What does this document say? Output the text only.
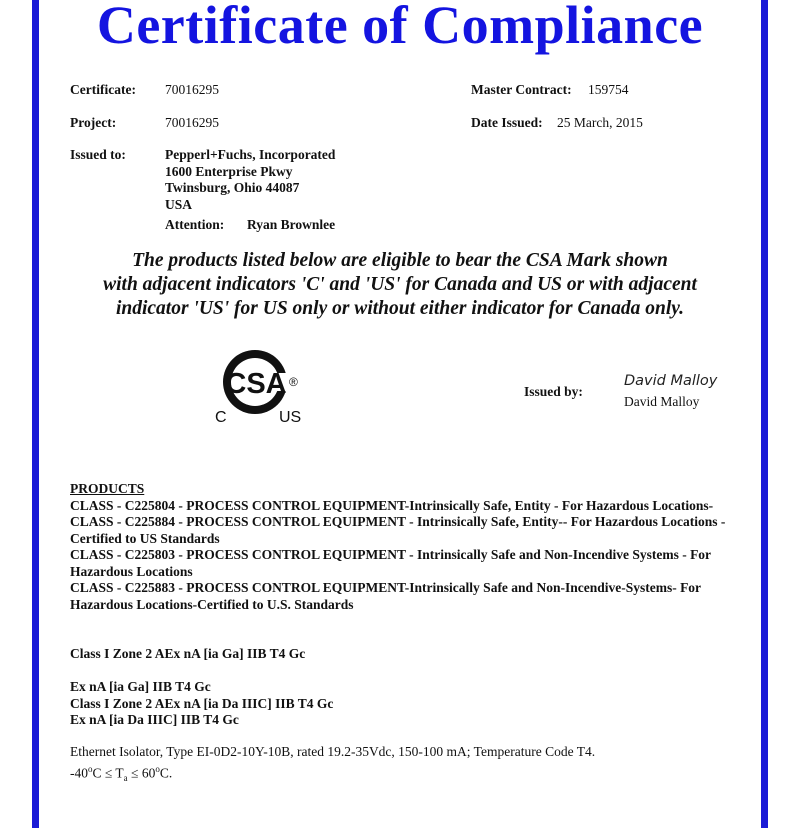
Certificate of Compliance
Certificate: 70016295	Master Contract: 159754
Project:	70016295	Date Issued: 25 March, 2015
Issued to:	Pepperl+Fuchs, Incorporated
1600 Enterprise Pkwy
Twinsburg, Ohio 44087
USA
Attention: Ryan Brownlee
The products listed below are eligible to bear the CSA Mark shown
with adjacent indicators 'C' and 'US' for Canada and US or with adjacent
indicator 'US' for US only or without either indicator for Canada only.
CSA ®
C	US
Issued by:
David Malloy
David Malloy
PRODUCTS
CLASS - C225804 - PROCESS CONTROL EQUIPMENT-Intrinsically Safe, Entity - For Hazardous Locations-
CLASS - C225884 - PROCESS CONTROL EQUIPMENT - Intrinsically Safe, Entity-- For Hazardous Locations - Certified to US Standards
CLASS - C225803 - PROCESS CONTROL EQUIPMENT - Intrinsically Safe and Non-Incendive Systems - For Hazardous Locations
CLASS - C225883 - PROCESS CONTROL EQUIPMENT-Intrinsically Safe and Non-Incendive-Systems- For Hazardous Locations-Certified to U.S. Standards
Class I Zone 2 AEx nA [ia Ga] IIB T4 Gc
Ex nA [ia Ga] IIB T4 Gc
Class I Zone 2 AEx nA [ia Da IIIC] IIB T4 Gc
Ex nA [ia Da IIIC] IIB T4 Gc
Ethernet Isolator, Type EI-0D2-10Y-10B, rated 19.2-35Vdc, 150-100 mA; Temperature Code T4.
$-40^oC \le T_a \le 60^oC$.
